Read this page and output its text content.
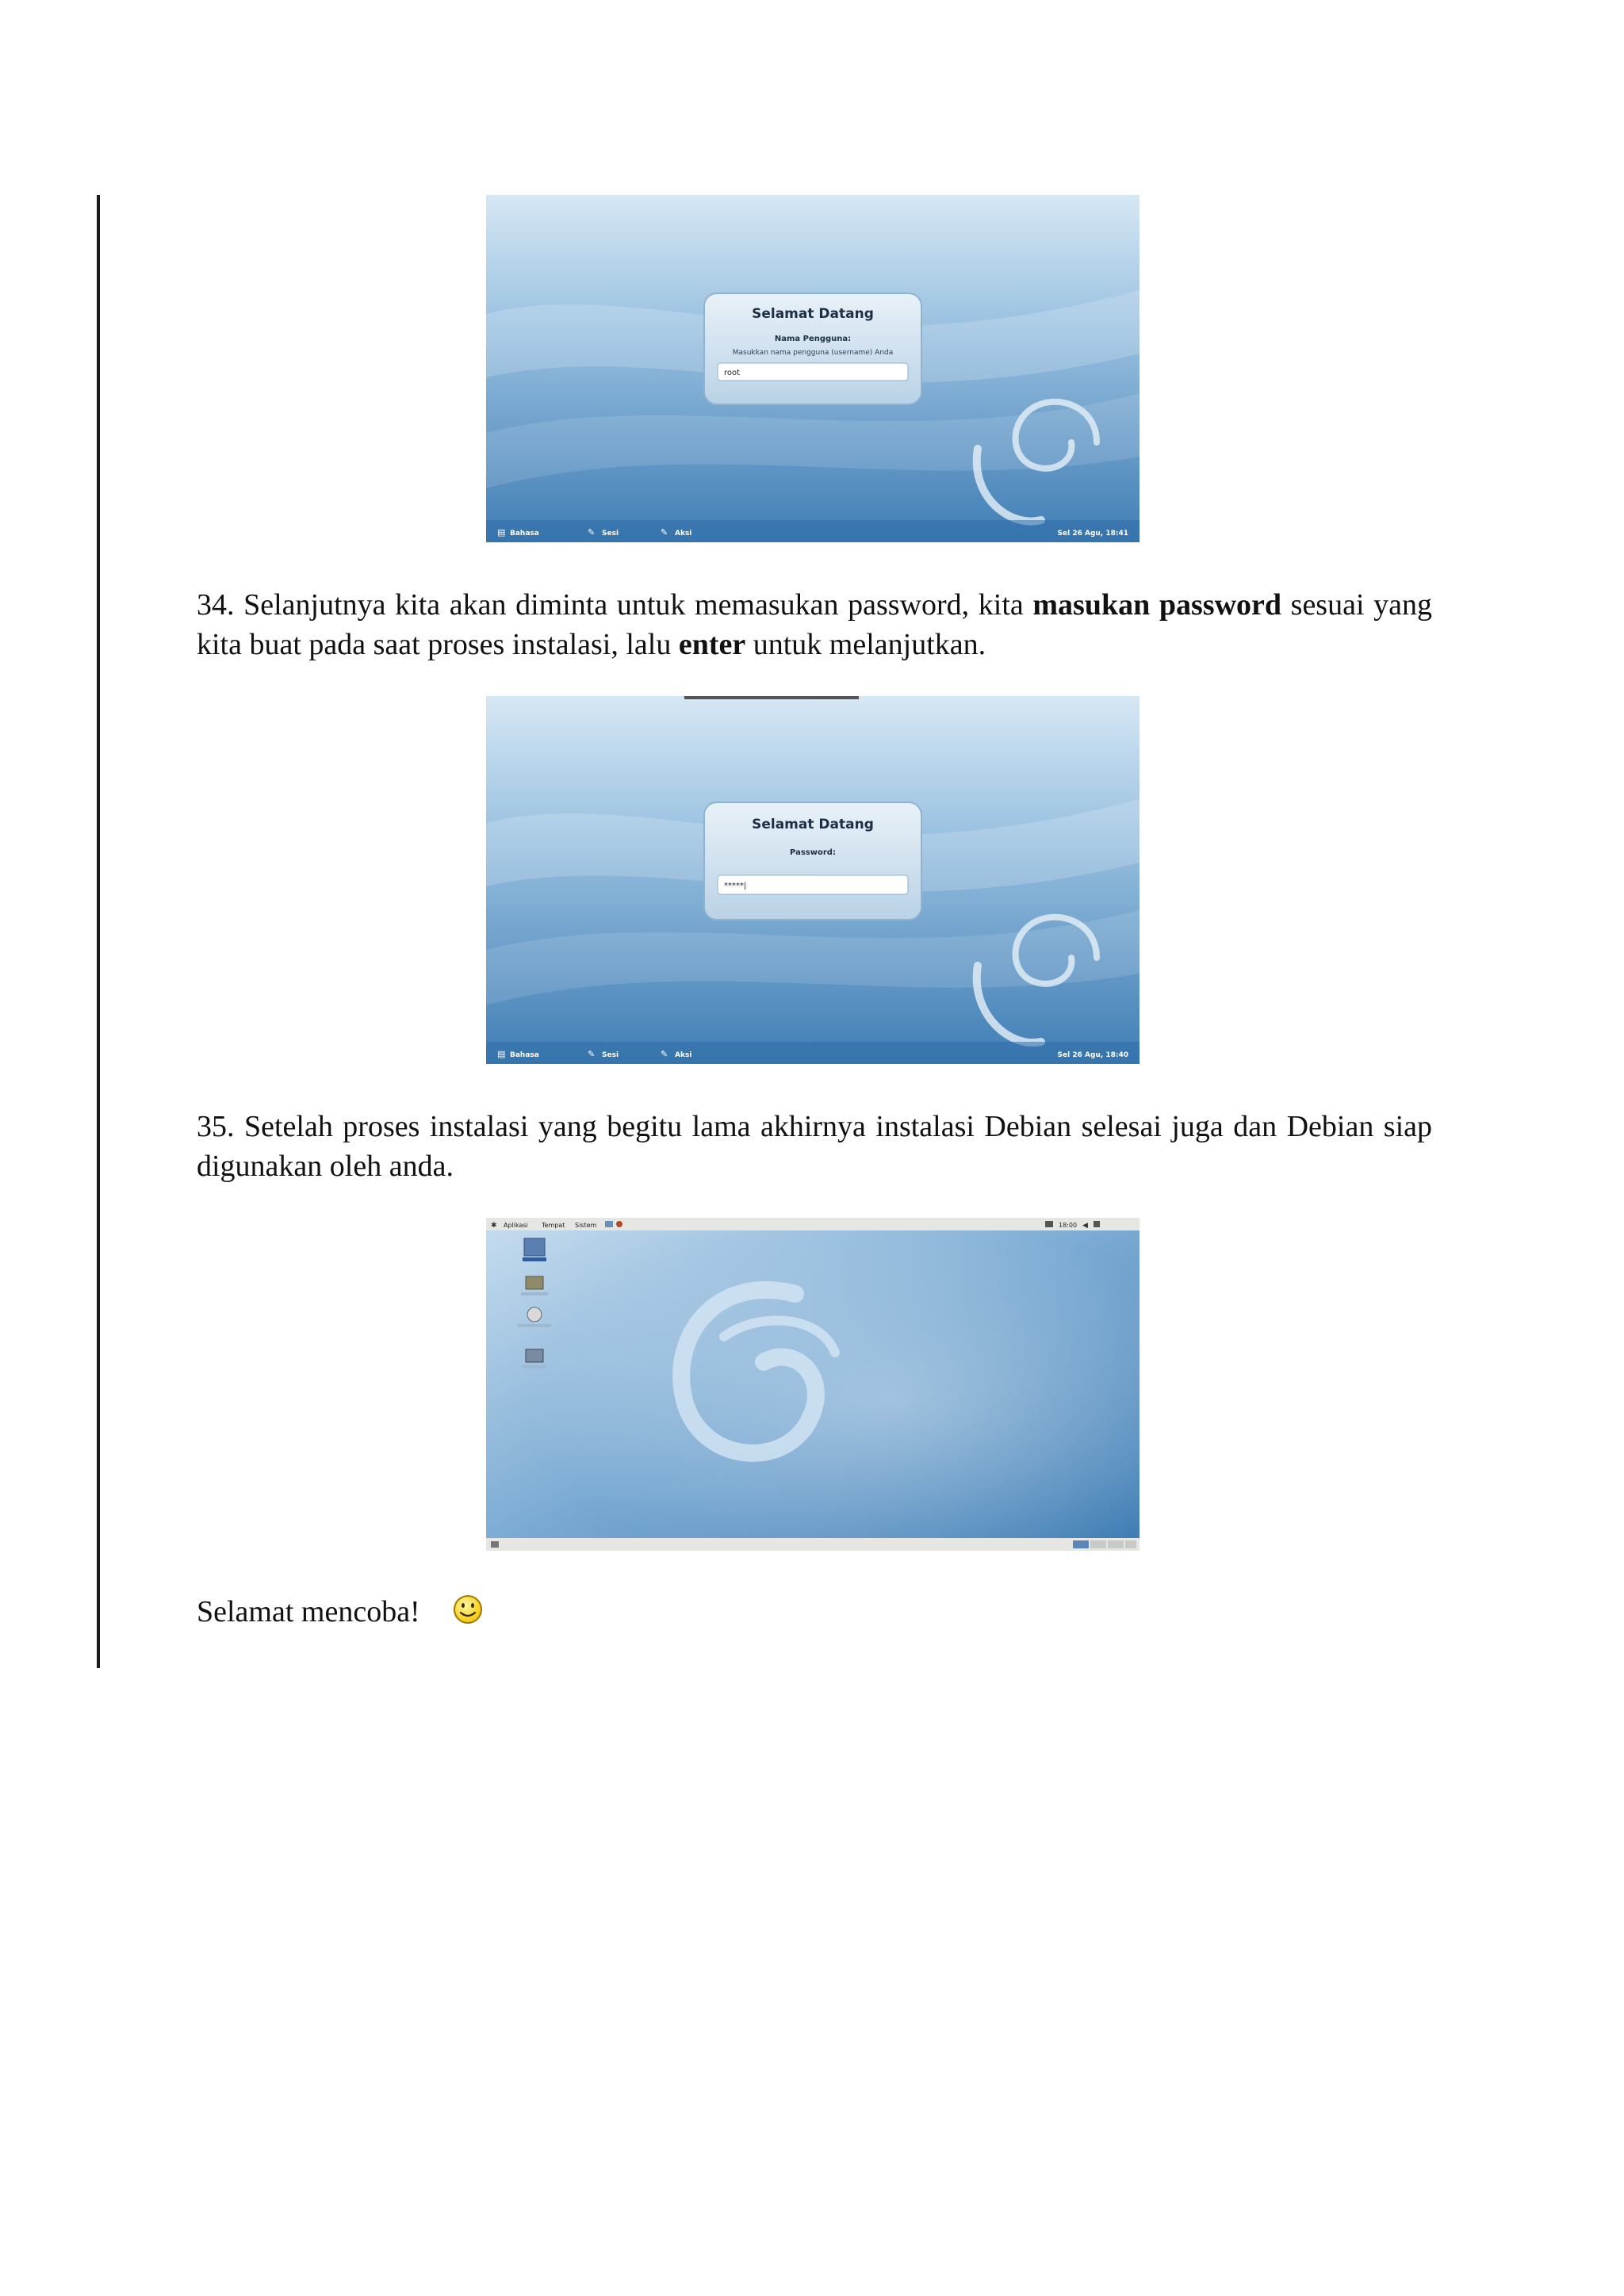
Selamat Datang
Nama Pengguna:
Masukkan nama pengguna (username) Anda
root
▤ Bahasa	✎ Sesi	✎ Aksi	Sel 26 Agu, 18:41
34. Selanjutnya kita akan diminta untuk memasukan password, kita masukan password sesuai yang kita buat pada saat proses instalasi, lalu enter untuk melanjutkan.
Selamat Datang
Password:
*****|
▤ Bahasa	✎ Sesi	✎ Aksi	Sel 26 Agu, 18:40
35. Setelah proses instalasi yang begitu lama akhirnya instalasi Debian selesai juga dan Debian siap digunakan oleh anda.
✱ Aplikasi Tempat Sistem	18:00 ◀
Selamat mencoba!
